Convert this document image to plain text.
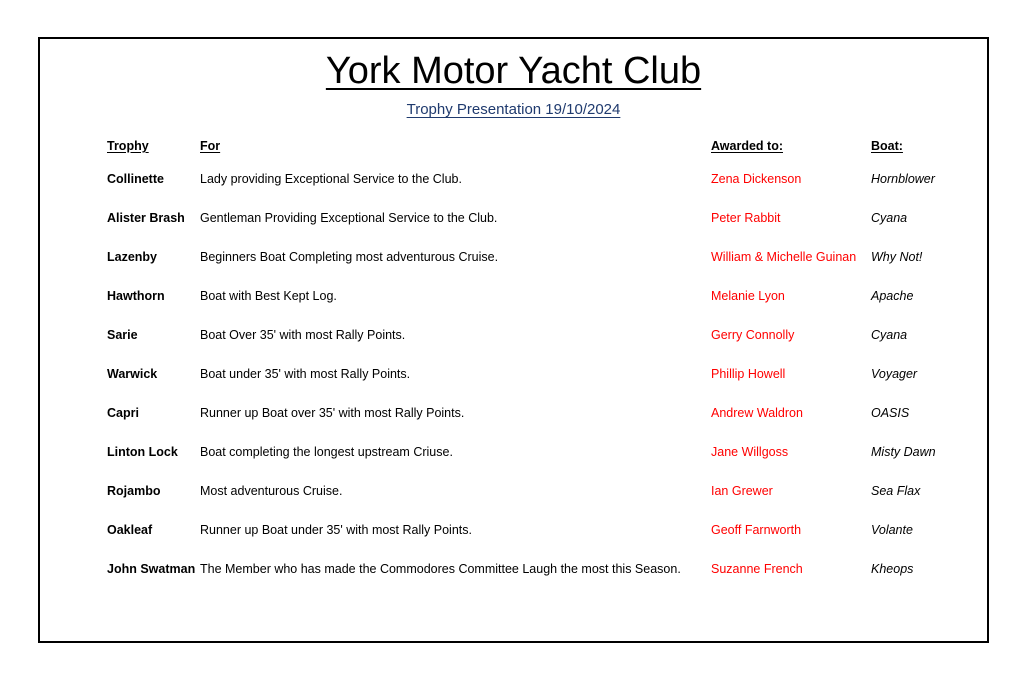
York Motor Yacht Club
Trophy Presentation 19/10/2024
Trophy	For	Awarded to:	Boat:
Collinette	Lady providing Exceptional Service to the Club.	Zena Dickenson	Hornblower
Alister Brash	Gentleman Providing Exceptional Service to the Club.	Peter Rabbit	Cyana
Lazenby	Beginners Boat Completing most adventurous Cruise.	William & Michelle Guinan	Why Not!
Hawthorn	Boat with Best Kept Log.	Melanie Lyon	Apache
Sarie	Boat Over 35' with most Rally Points.	Gerry Connolly	Cyana
Warwick	Boat under 35' with most Rally Points.	Phillip Howell	Voyager
Capri	Runner up Boat over 35' with most Rally Points.	Andrew Waldron	OASIS
Linton Lock	Boat completing the longest upstream Criuse.	Jane Willgoss	Misty Dawn
Rojambo	Most adventurous Cruise.	Ian Grewer	Sea Flax
Oakleaf	Runner up Boat under 35' with most Rally Points.	Geoff Farnworth	Volante
John Swatman	The Member who has made the Commodores Committee Laugh the most this Season.	Suzanne French	Kheops
